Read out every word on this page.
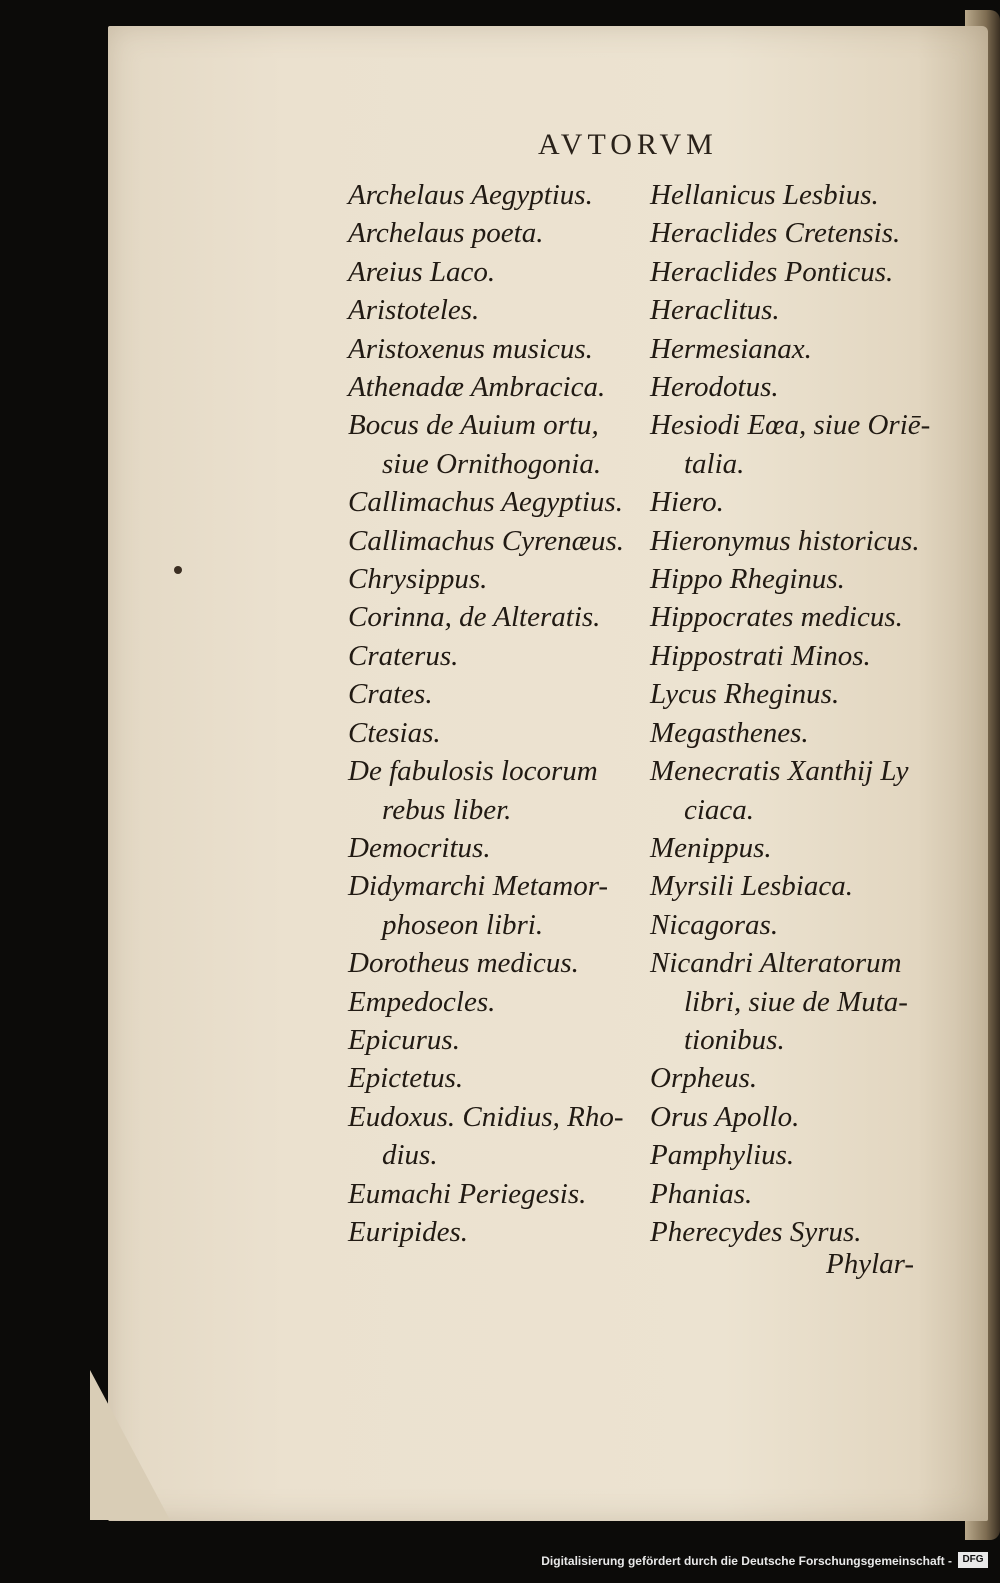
AVTORVM
Archelaus Aegyptius.
Archelaus poeta.
Areius Laco.
Aristoteles.
Aristoxenus musicus.
Athenadæ Ambracica.
Bocus de Auium ortu,
siue Ornithogonia.
Callimachus Aegyptius.
Callimachus Cyrenæus.
Chrysippus.
Corinna, de Alteratis.
Craterus.
Crates.
Ctesias.
De fabulosis locorum
rebus liber.
Democritus.
Didymarchi Metamor-
phoseon libri.
Dorotheus medicus.
Empedocles.
Epicurus.
Epictetus.
Eudoxus. Cnidius, Rho-
dius.
Eumachi Periegesis.
Euripides.
Hellanicus Lesbius.
Heraclides Cretensis.
Heraclides Ponticus.
Heraclitus.
Hermesianax.
Herodotus.
Hesiodi Eœa, siue Oriē-
talia.
Hiero.
Hieronymus historicus.
Hippo Rheginus.
Hippocrates medicus.
Hippostrati Minos.
Lycus Rheginus.
Megasthenes.
Menecratis Xanthij Ly
ciaca.
Menippus.
Myrsili Lesbiaca.
Nicagoras.
Nicandri Alteratorum
libri, siue de Muta-
tionibus.
Orpheus.
Orus Apollo.
Pamphylius.
Phanias.
Pherecydes Syrus.
Phylar-
Digitalisierung gefördert durch die Deutsche Forschungsgemeinschaft -	DFG
